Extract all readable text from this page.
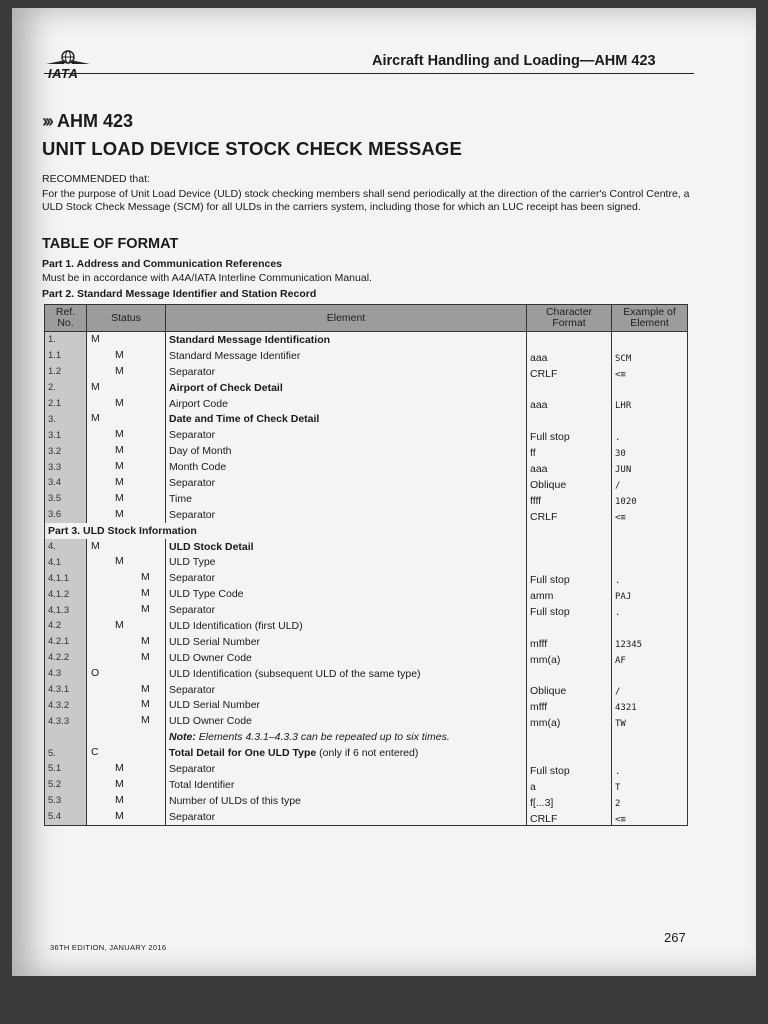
IATA
Aircraft Handling and Loading—AHM 423
››› AHM 423
UNIT LOAD DEVICE STOCK CHECK MESSAGE
RECOMMENDED that:
For the purpose of Unit Load Device (ULD) stock checking members shall send periodically at the direction of the carrier's Control Centre, a ULD Stock Check Message (SCM) for all ULDs in the carriers system, including those for which an LUC receipt has been signed.
TABLE OF FORMAT
Part 1. Address and Communication References
Must be in accordance with A4A/IATA Interline Communication Manual.
Part 2. Standard Message Identifier and Station Record
Ref. No.	Status	Element	Character Format	Example of Element
1.	M	Standard Message Identification		
1.1	M	Standard Message Identifier	aaa	SCM
1.2	M	Separator	CRLF	<≡
2.	M	Airport of Check Detail		
2.1	M	Airport Code	aaa	LHR
3.	M	Date and Time of Check Detail		
3.1	M	Separator	Full stop	.
3.2	M	Day of Month	ff	30
3.3	M	Month Code	aaa	JUN
3.4	M	Separator	Oblique	/
3.5	M	Time	ffff	1020
3.6	M	Separator	CRLF	<≡
Part 3. ULD Stock Information				
4.	M	ULD Stock Detail		
4.1	M	ULD Type		
4.1.1	M	Separator	Full stop	.
4.1.2	M	ULD Type Code	amm	PAJ
4.1.3	M	Separator	Full stop	.
4.2	M	ULD Identification (first ULD)		
4.2.1	M	ULD Serial Number	mfff	12345
4.2.2	M	ULD Owner Code	mm(a)	AF
4.3	O	ULD Identification (subsequent ULD of the same type)		
4.3.1	M	Separator	Oblique	/
4.3.2	M	ULD Serial Number	mfff	4321
4.3.3	M	ULD Owner Code	mm(a)	TW
		Note: Elements 4.3.1–4.3.3 can be repeated up to six times.		
5.	C	Total Detail for One ULD Type (only if 6 not entered)		
5.1	M	Separator	Full stop	.
5.2	M	Total Identifier	a	T
5.3	M	Number of ULDs of this type	f[...3]	2
5.4	M	Separator	CRLF	<≡
36TH EDITION, JANUARY 2016
267
